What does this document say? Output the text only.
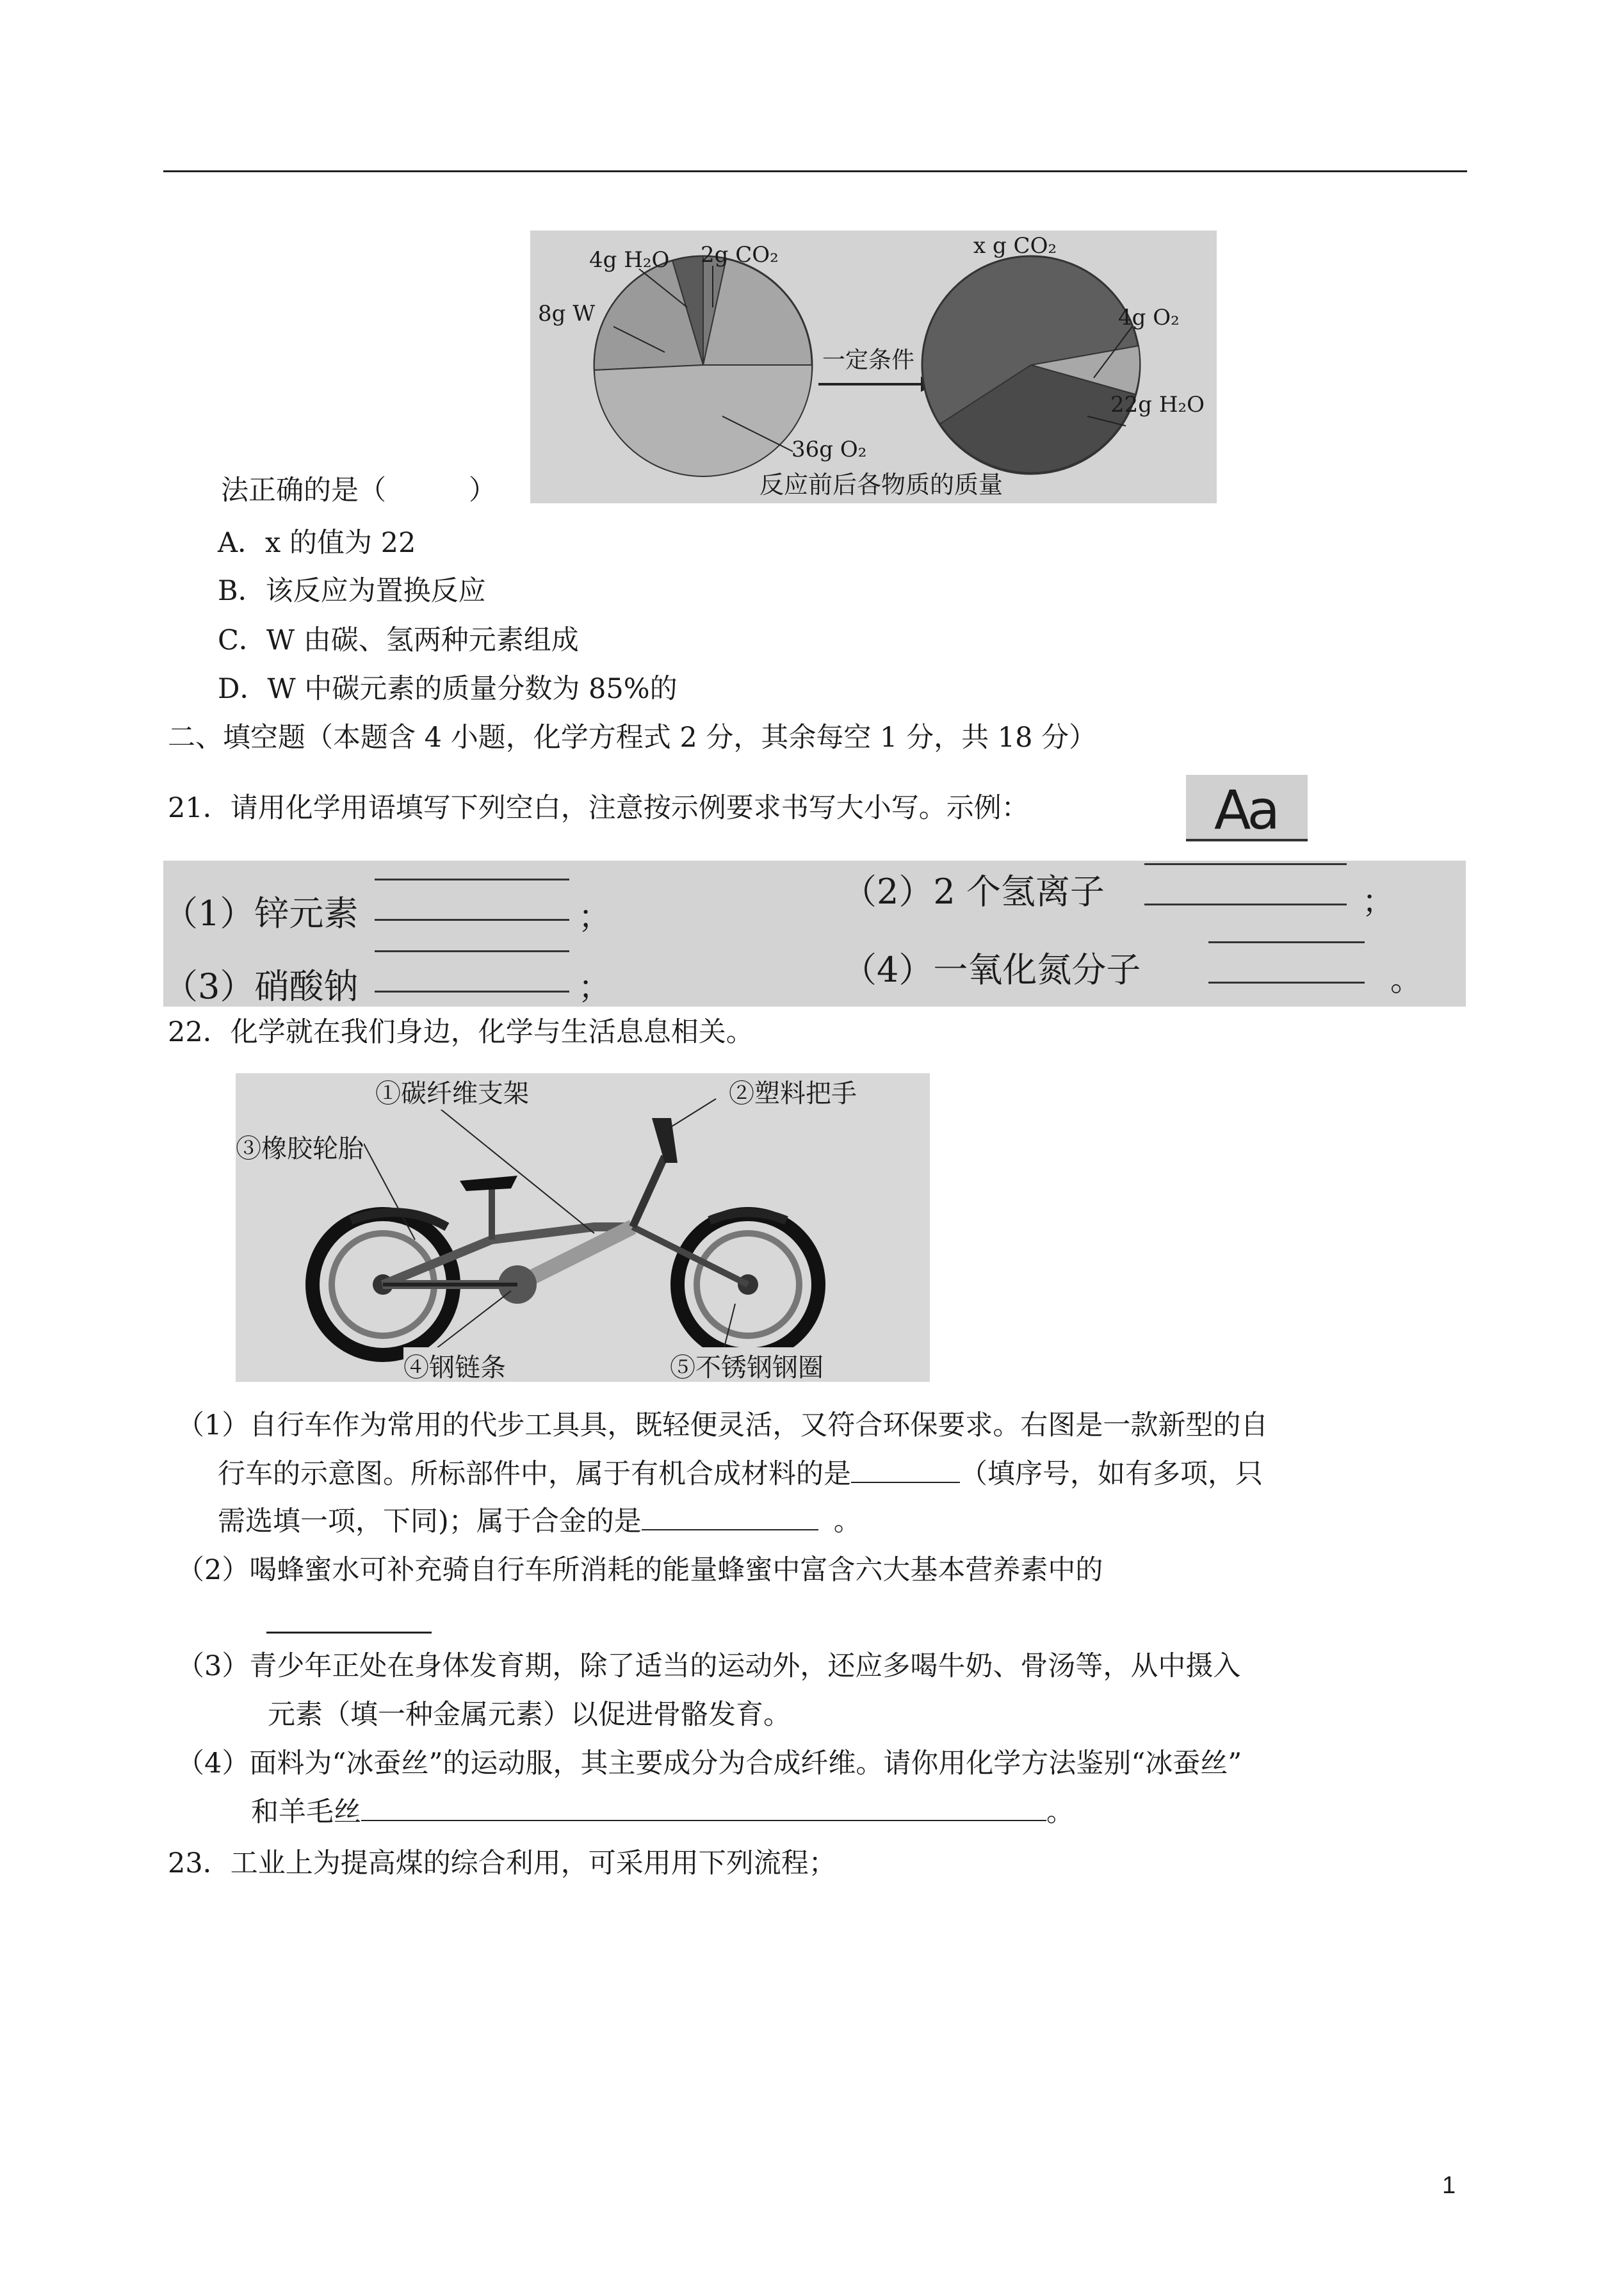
4g H₂O 2g CO₂
8g W
36g O₂
一定条件
x g CO₂
4g O₂
22g H₂O
反应前后各物质的质量
法正确的是（　　　）
A．x 的值为 22
B．该反应为置换反应
C．W 由碳、氢两种元素组成
D．W 中碳元素的质量分数为 85%的
二、填空题（本题含 4 小题，化学方程式 2 分，其余每空 1 分，共 18 分）
21．请用化学用语填写下列空白，注意按示例要求书写大小写。示例：	Aa
（1）锌元素	；
（2）2 个氢离子	；
（3）硝酸钠	；	（4）一氧化氮分子	。
22．化学就在我们身边，化学与生活息息相关。
①碳纤维支架	②塑料把手
③橡胶轮胎
④钢链条	⑤不锈钢钢圈
（1）自行车作为常用的代步工具具，既轻便灵活，又符合环保要求。右图是一款新型的自
行车的示意图。所标部件中，属于有机合成材料的是	（填序号，如有多项，只
需选填一项，下同)；属于合金的是	。
（2）喝蜂蜜水可补充骑自行车所消耗的能量蜂蜜中富含六大基本营养素中的
（3）青少年正处在身体发育期，除了适当的运动外，还应多喝牛奶、骨汤等，从中摄入
元素（填一种金属元素）以促进骨骼发育。
（4）面料为“冰蚕丝”的运动服，其主要成分为合成纤维。请你用化学方法鉴别“冰蚕丝”
和羊毛丝	。
23．工业上为提高煤的综合利用，可采用用下列流程；
1
